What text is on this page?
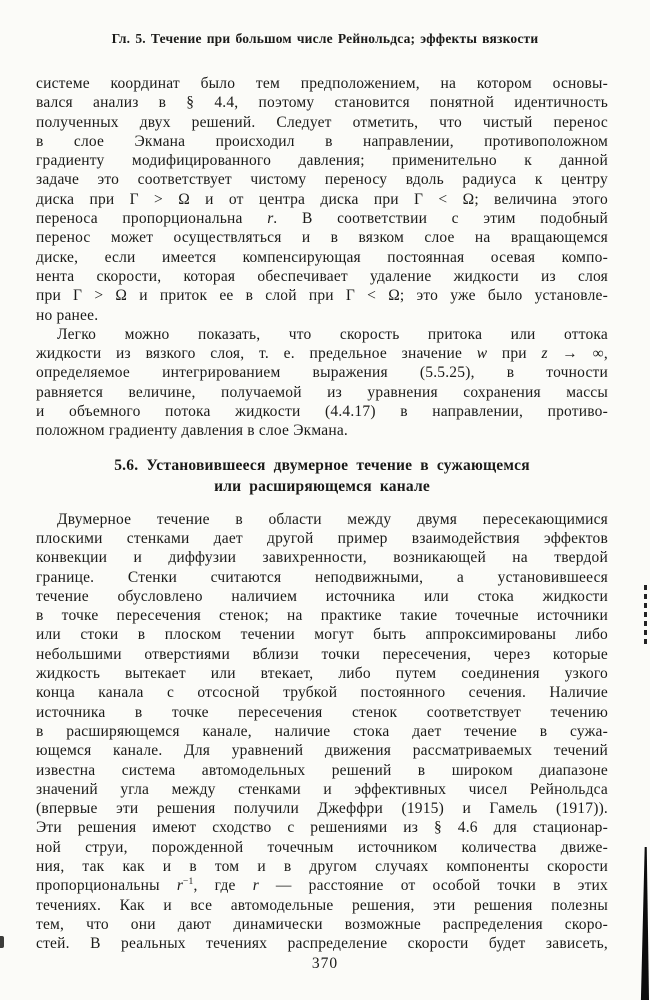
Гл. 5. Течение при большом числе Рейнольдса; эффекты вязкости
системе координат было тем предположением, на котором основы-
вался анализ в § 4.4, поэтому становится понятной идентичность
полученных двух решений. Следует отметить, что чистый перенос
в слое Экмана происходил в направлении, противоположном
градиенту модифицированного давления; применительно к данной
задаче это соответствует чистому переносу вдоль радиуса к центру
диска при Γ > Ω и от центра диска при Γ < Ω; величина этого
переноса пропорциональна r. В соответствии с этим подобный
перенос может осуществляться и в вязком слое на вращающемся
диске, если имеется компенсирующая постоянная осевая компо-
нента скорости, которая обеспечивает удаление жидкости из слоя
при Γ > Ω и приток ее в слой при Γ < Ω; это уже было установле-
но ранее.
Легко можно показать, что скорость притока или оттока
жидкости из вязкого слоя, т. е. предельное значение w при z → ∞,
определяемое интегрированием выражения (5.5.25), в точности
равняется величине, получаемой из уравнения сохранения массы
и объемного потока жидкости (4.4.17) в направлении, противо-
положном градиенту давления в слое Экмана.
5.6. Установившееся двумерное течение в сужающемся
или расширяющемся канале
Двумерное течение в области между двумя пересекающимися
плоскими стенками дает другой пример взаимодействия эффектов
конвекции и диффузии завихренности, возникающей на твердой
границе. Стенки считаются неподвижными, а установившееся
течение обусловлено наличием источника или стока жидкости
в точке пересечения стенок; на практике такие точечные источники
или стоки в плоском течении могут быть аппроксимированы либо
небольшими отверстиями вблизи точки пересечения, через которые
жидкость вытекает или втекает, либо путем соединения узкого
конца канала с отсосной трубкой постоянного сечения. Наличие
источника в точке пересечения стенок соответствует течению
в расширяющемся канале, наличие стока дает течение в сужа-
ющемся канале. Для уравнений движения рассматриваемых течений
известна система автомодельных решений в широком диапазоне
значений угла между стенками и эффективных чисел Рейнольдса
(впервые эти решения получили Джеффри (1915) и Гамель (1917)).
Эти решения имеют сходство с решениями из § 4.6 для стационар-
ной струи, порожденной точечным источником количества движе-
ния, так как и в том и в другом случаях компоненты скорости
пропорциональны $r^{-1}$, где r — расстояние от особой точки в этих
течениях. Как и все автомодельные решения, эти решения полезны
тем, что они дают динамически возможные распределения скоро-
стей. В реальных течениях распределение скорости будет зависеть,
370
